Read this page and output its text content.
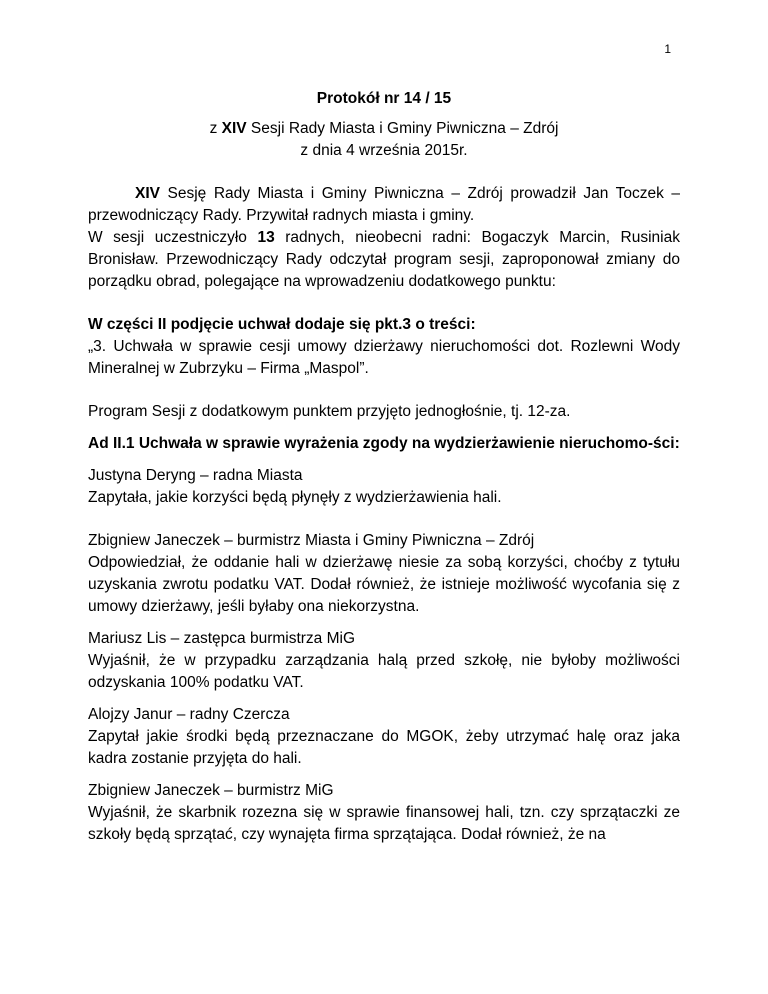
1

Protokół nr 14 / 15

z XIV Sesji Rady Miasta i Gminy Piwniczna – Zdrój

z dnia 4 września 2015r.

XIV Sesję Rady Miasta i Gminy Piwniczna – Zdrój prowadził Jan Toczek – przewodniczący Rady. Przywitał radnych miasta i gminy.

W sesji uczestniczyło 13 radnych, nieobecni radni: Bogaczyk Marcin, Rusiniak Bronisław. Przewodniczący Rady odczytał program sesji, zaproponował zmiany do porządku obrad, polegające na wprowadzeniu dodatkowego punktu:

W części II podjęcie uchwał dodaje się pkt.3 o treści:

„3. Uchwała w sprawie cesji umowy dzierżawy nieruchomości dot. Rozlewni Wody Mineralnej w Zubrzyku – Firma „Maspol”.

Program Sesji z dodatkowym punktem przyjęto jednogłośnie, tj. 12-za.

Ad II.1 Uchwała w sprawie wyrażenia zgody na wydzierżawienie nieruchomo-ści:

Justyna Deryng – radna Miasta

Zapytała, jakie korzyści będą płynęły z wydzierżawienia hali.

Zbigniew Janeczek – burmistrz Miasta i Gminy Piwniczna – Zdrój

Odpowiedział, że oddanie hali w dzierżawę niesie za sobą korzyści, choćby z tytułu uzyskania zwrotu podatku VAT. Dodał również, że istnieje możliwość wycofania się z umowy dzierżawy, jeśli byłaby ona niekorzystna.

Mariusz Lis – zastępca burmistrza MiG

Wyjaśnił, że w przypadku zarządzania halą przed szkołę, nie byłoby możliwości odzyskania 100% podatku VAT.

Alojzy Janur – radny Czercza

Zapytał jakie środki będą przeznaczane do MGOK, żeby utrzymać halę oraz jaka kadra zostanie przyjęta do hali.

Zbigniew Janeczek – burmistrz MiG

Wyjaśnił, że skarbnik rozezna się w sprawie finansowej hali, tzn. czy sprzątaczki ze szkoły będą sprzątać, czy wynajęta firma sprzątająca. Dodał również, że na
